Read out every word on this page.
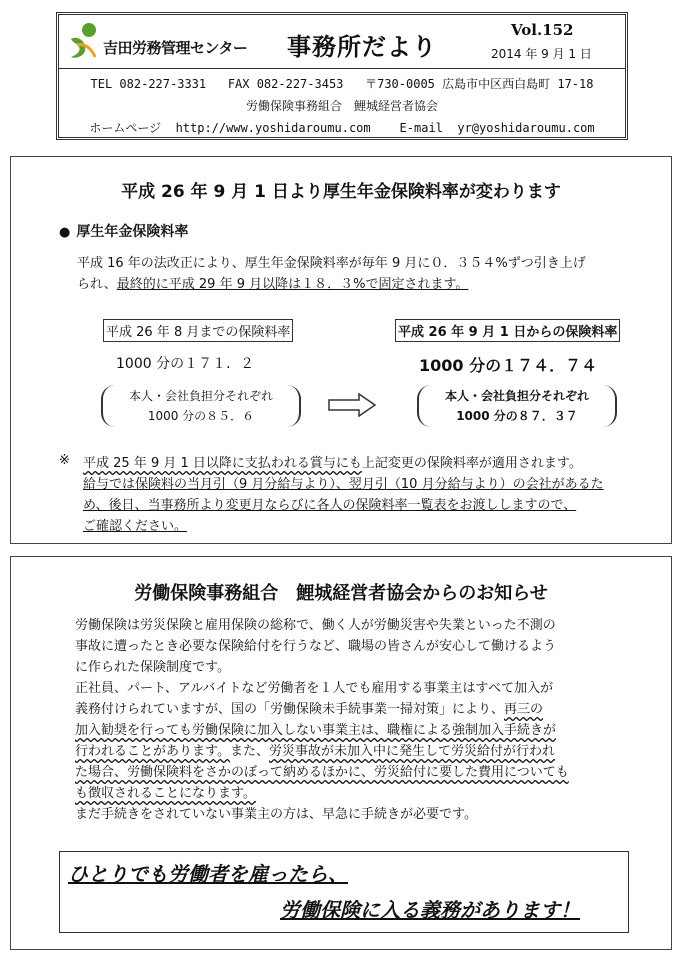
吉田労務管理センター 事務所だより
Vol.152
2014 年 9 月 1 日
TEL 082-227-3331 FAX 082-227-3453 〒730-0005 広島市中区西白島町 17-18
労働保険事務組合　鯉城経営者協会
ホームページ http://www.yoshidaroumu.com E-mail yr@yoshidaroumu.com
平成 26 年 9 月 1 日より厚生年金保険料率が変わります
● 厚生年金保険料率
平成 16 年の法改正により、厚生年金保険料率が毎年 9 月に０．３５４%ずつ引き上げ
られ、最終的に平成 29 年 9 月以降は１８．３%で固定されます。
平成 26 年 8 月までの保険料率	平成 26 年 9 月 1 日からの保険料率
1000 分の１７１．２	1000 分の１７４．７４
本人・会社負担分それぞれ
1000 分の８５．６
本人・会社負担分それぞれ
1000 分の８７．３７
※ 平成 25 年 9 月 1 日以降に支払われる賞与にも上記変更の保険料率が適用されます。
給与では保険料の当月引（9 月分給与より）、翌月引（10 月分給与より）の会社があるた
め、後日、当事務所より変更月ならびに各人の保険料率一覧表をお渡ししますので、
ご確認ください。
労働保険事務組合　鯉城経営者協会からのお知らせ
労働保険は労災保険と雇用保険の総称で、働く人が労働災害や失業といった不測の
事故に遭ったとき必要な保険給付を行うなど、職場の皆さんが安心して働けるよう
に作られた保険制度です。
正社員、パート、アルバイトなど労働者を１人でも雇用する事業主はすべて加入が
義務付けられていますが、国の「労働保険未手続事業一掃対策」により、再三の
加入勧奨を行っても労働保険に加入しない事業主は、職権による強制加入手続きが
行われることがあります。また、労災事故が未加入中に発生して労災給付が行われ
た場合、労働保険料をさかのぼって納めるほかに、労災給付に要した費用についても
も徴収されることになります。
まだ手続きをされていない事業主の方は、早急に手続きが必要です。
ひとりでも労働者を雇ったら、
労働保険に入る義務があります！
